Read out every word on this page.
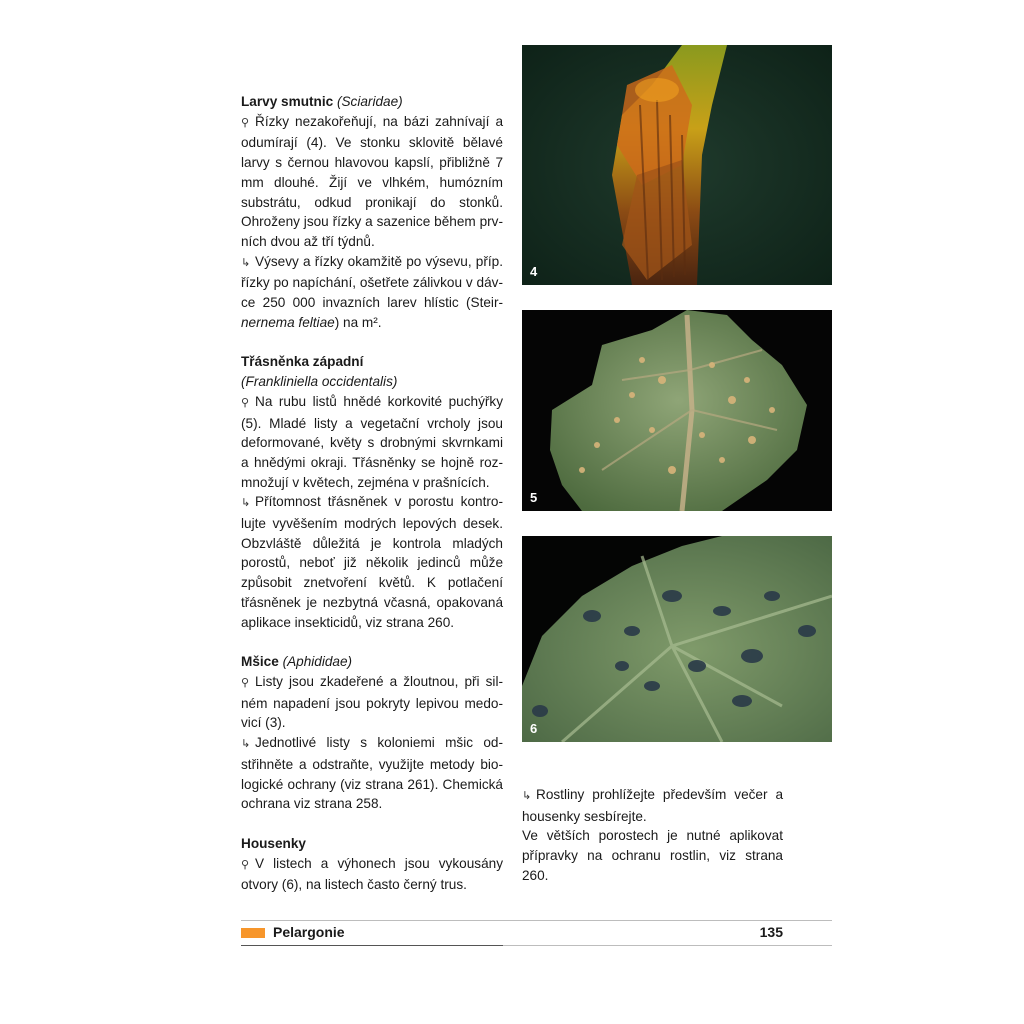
Larvy smutnic (Sciaridae)

⚲ Řízky nezakořeňují, na bázi zahnívají a odumírají (4). Ve stonku sklovitě bělavé larvy s černou hlavovou kapslí, přibližně 7 mm dlouhé. Žijí ve vlhkém, humózním substrátu, odkud pronikají do stonků. Ohroženy jsou řízky a sazenice během prv-ních dvou až tří týdnů.

↳ Výsevy a řízky okamžitě po výsevu, příp. řízky po napíchání, ošetřete zálivkou v dáv- ce 250 000 invazních larev hlístic (Steir-nernema feltiae) na m².

Třásněnka západní

(Frankliniella occidentalis)

⚲ Na rubu listů hnědé korkovité puchýřky (5). Mladé listy a vegetační vrcholy jsou deformované, květy s drobnými skvrnkami a hnědými okraji. Třásněnky se hojně roz-množují v květech, zejména v prašnících.

↳ Přítomnost třásněnek v porostu kontro-lujte vyvěšením modrých lepových desek. Obzvláště důležitá je kontrola mladých porostů, neboť již několik jedinců může způsobit znetvoření květů. K potlačení třásněnek je nezbytná včasná, opakovaná aplikace insekticidů, viz strana 260.

Mšice (Aphididae)

⚲ Listy jsou zkadeřené a žloutnou, při sil-ném napadení jsou pokryty lepivou medo-vicí (3).

↳ Jednotlivé listy s koloniemi mšic od-střihněte a odstraňte, využijte metody bio-logické ochrany (viz strana 261). Chemická ochrana viz strana 258.

Housenky

⚲ V listech a výhonech jsou vykousány otvory (6), na listech často černý trus.

4
5
6

↳ Rostliny prohlížejte především večer a housenky sesbírejte.

Ve větších porostech je nutné aplikovat přípravky na ochranu rostlin, viz strana 260.

Pelargonie	135
